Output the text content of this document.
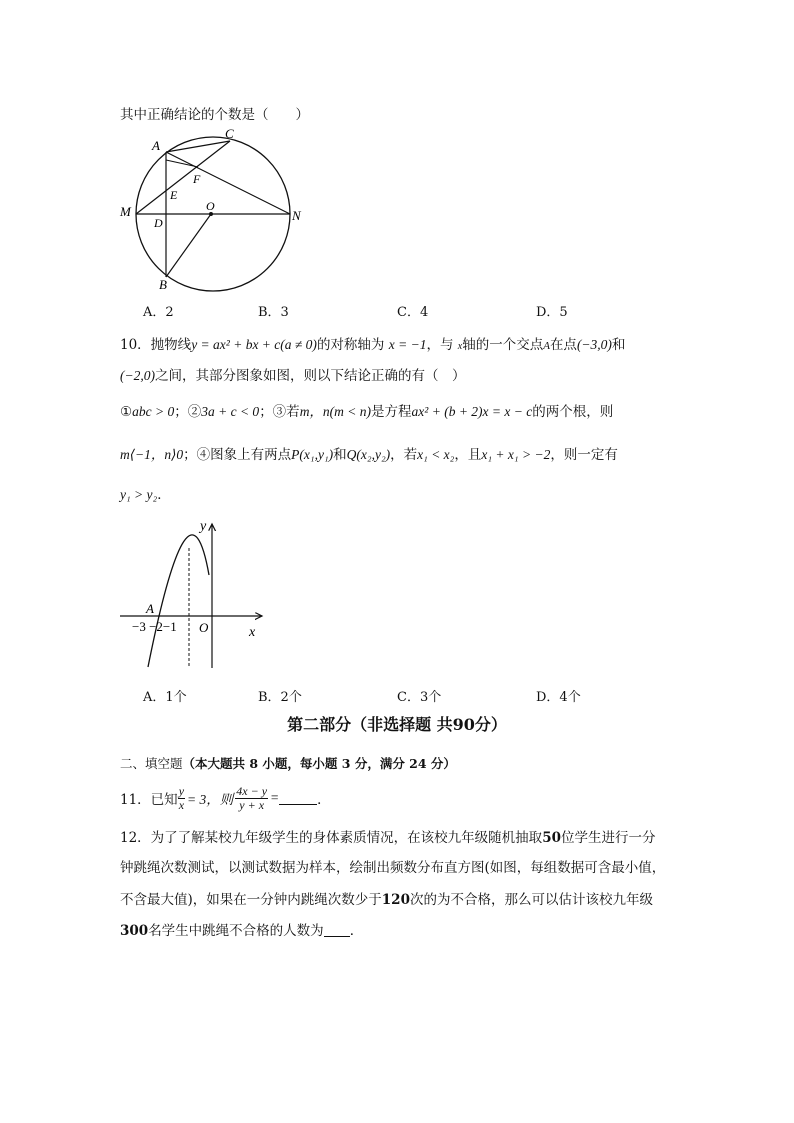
其中正确结论的个数是（　　）
A
C
E
F
M
D
O
N
B
A．2	B．3	C．4	D．5
10．抛物线y = ax² + bx + c(a ≠ 0)的对称轴为 x = −1，与 x轴的一个交点A在点(−3,0)和
(−2,0)之间，其部分图象如图，则以下结论正确的有（　）
①abc > 0；②3a + c < 0；③若m，n(m < n)是方程ax² + (b + 2)x = x − c的两个根，则
m⟨−1，n⟩0；④图象上有两点P(x₁,y₁)和Q(x₂,y₂)，若x₁ < x₂，且x₁ + x₁ > −2，则一定有
y₁ > y₂．
y
x
A
O
−3 −2−1
A．1个	B．2个	C．3个	D．4个
第二部分（非选择题 共90分）
二、填空题（本大题共 8 小题，每小题 3 分，满分 24 分）
11．已知 $\frac{y}{x} = 3$，则 $\frac{4x - y}{y + x}$ =	．
12．为了了解某校九年级学生的身体素质情况，在该校九年级随机抽取50位学生进行一分
钟跳绳次数测试，以测试数据为样本，绘制出频数分布直方图(如图，每组数据可含最小值，
不含最大值)，如果在一分钟内跳绳次数少于120次的为不合格，那么可以估计该校九年级
300名学生中跳绳不合格的人数为 ．
